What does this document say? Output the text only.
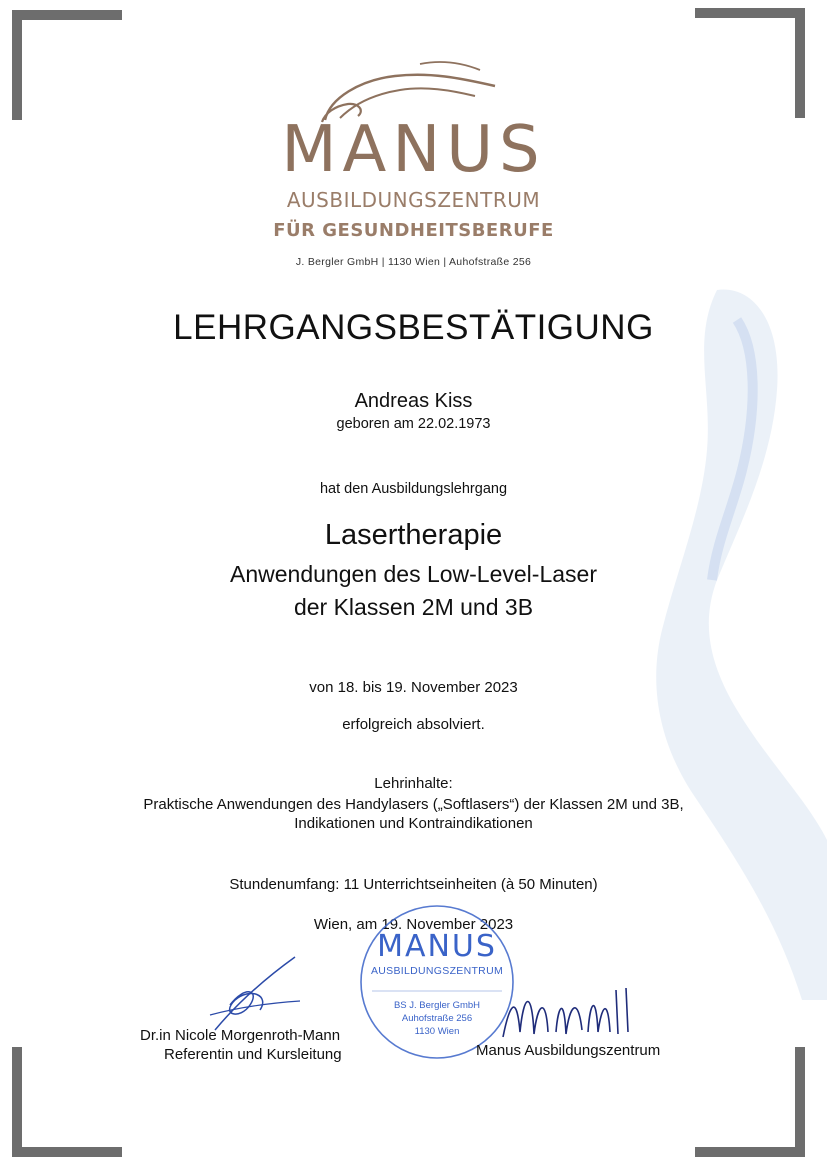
MANUS
AUSBILDUNGSZENTRUM
FÜR GESUNDHEITSBERUFE
J. Bergler GmbH | 1130 Wien | Auhofstraße 256
LEHRGANGSBESTÄTIGUNG
Andreas Kiss
geboren am 22.02.1973
hat den Ausbildungslehrgang
Lasertherapie
Anwendungen des Low-Level-Laser
der Klassen 2M und 3B
von 18. bis 19. November 2023
erfolgreich absolviert.
Lehrinhalte:
Praktische Anwendungen des Handylasers („Softlasers“) der Klassen 2M und 3B,
Indikationen und Kontraindikationen
Stundenumfang: 11 Unterrichtseinheiten (à 50 Minuten)
Wien, am 19. November 2023
MANUS
AUSBILDUNGSZENTRUM
BS J. Bergler GmbH
Auhofstraße 256
1130 Wien
Dr.in Nicole Morgenroth-Mann
Referentin und Kursleitung	Manus Ausbildungszentrum
